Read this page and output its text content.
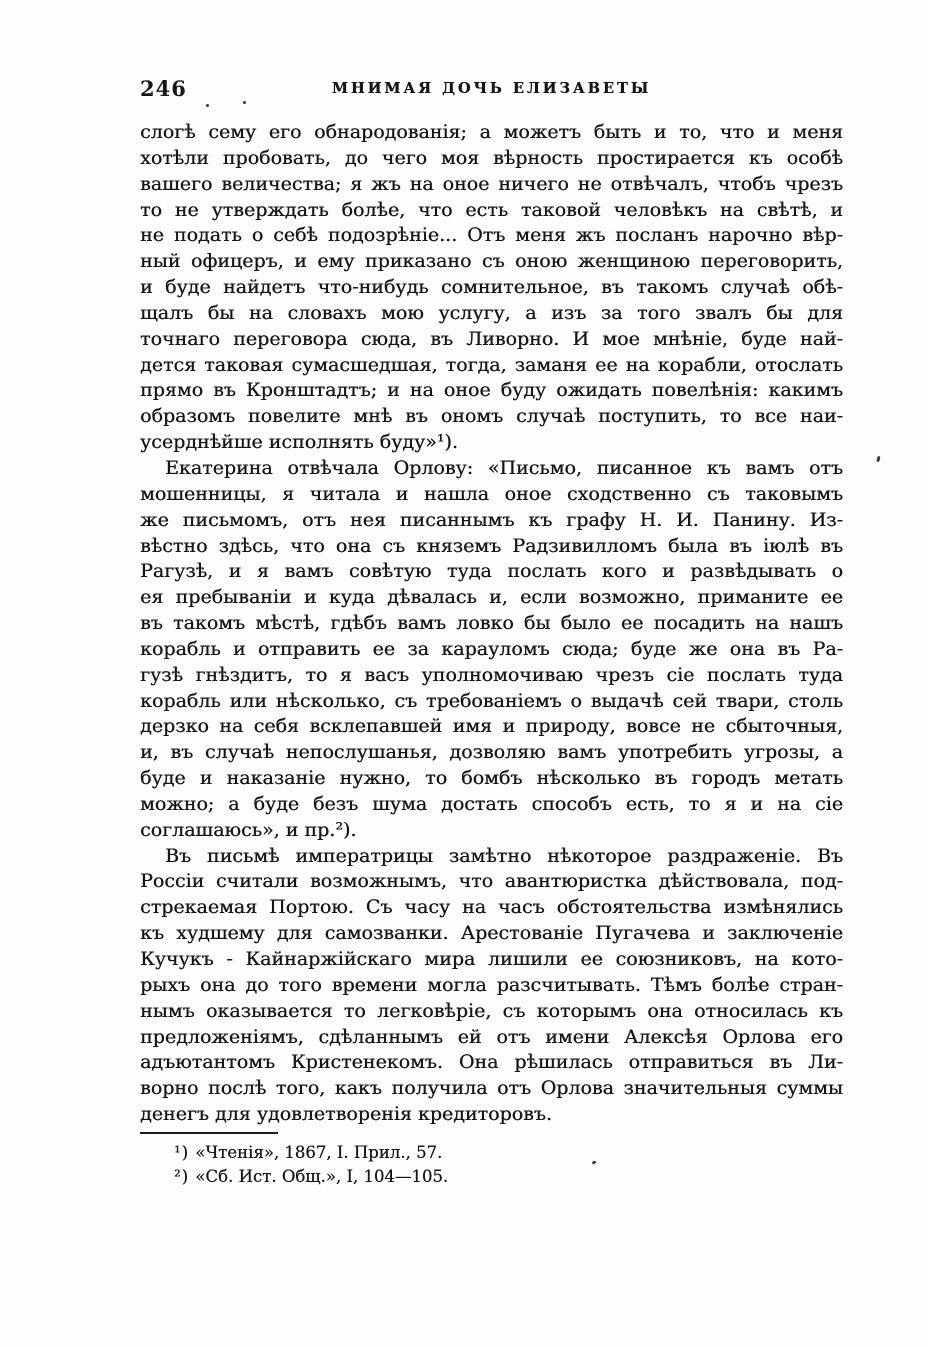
246	МНИМАЯ ДОЧЬ ЕЛИЗАВЕТЫ
слогѣ сему его обнародованія; а можетъ быть и то, что и меня
хотѣли пробовать, до чего моя вѣрность простирается къ особѣ
вашего величества; я жъ на оное ничего не отвѣчалъ, чтобъ чрезъ
то не утверждать болѣе, что есть таковой человѣкъ на свѣтѣ, и
не подать о себѣ подозрѣніе... Отъ меня жъ посланъ нарочно вѣр-
ный офицеръ, и ему приказано съ оною женщиною переговорить,
и буде найдетъ что-нибудь сомнительное, въ такомъ случаѣ обѣ-
щалъ бы на словахъ мою услугу, а изъ за того звалъ бы для
точнаго переговора сюда, въ Ливорно. И мое мнѣніе, буде най-
дется таковая сумасшедшая, тогда, заманя ее на корабли, отослать
прямо въ Кронштадтъ; и на оное буду ожидать повелѣнія: какимъ
образомъ повелите мнѣ въ ономъ случаѣ поступить, то все наи-
усерднѣйше исполнять буду»¹).
Екатерина отвѣчала Орлову: «Письмо, писанное къ вамъ отъ
мошенницы, я читала и нашла оное сходственно съ таковымъ
же письмомъ, отъ нея писаннымъ къ графу Н. И. Панину. Из-
вѣстно здѣсь, что она съ княземъ Радзивилломъ была въ іюлѣ въ
Рагузѣ, и я вамъ совѣтую туда послать кого и развѣдывать о
ея пребываніи и куда дѣвалась и, если возможно, приманите ее
въ такомъ мѣстѣ, гдѣбъ вамъ ловко бы было ее посадить на нашъ
корабль и отправить ее за карауломъ сюда; буде же она въ Ра-
гузѣ гнѣздитъ, то я васъ уполномочиваю чрезъ сіе послать туда
корабль или нѣсколько, съ требованіемъ о выдачѣ сей твари, столь
дерзко на себя всклепавшей имя и природу, вовсе не сбыточныя,
и, въ случаѣ непослушанья, дозволяю вамъ употребить угрозы, а
буде и наказаніе нужно, то бомбъ нѣсколько въ городъ метать
можно; а буде безъ шума достать способъ есть, то я и на сіе
соглашаюсь», и пр.²).
Въ письмѣ императрицы замѣтно нѣкоторое раздраженіе. Въ
Россіи считали возможнымъ, что авантюристка дѣйствовала, под-
стрекаемая Портою. Съ часу на часъ обстоятельства измѣнялись
къ худшему для самозванки. Арестованіе Пугачева и заключеніе
Кучукъ - Кайнаржійскаго мира лишили ее союзниковъ, на кото-
рыхъ она до того времени могла разсчитывать. Тѣмъ болѣе стран-
нымъ оказывается то легковѣріе, съ которымъ она относилась къ
предложеніямъ, сдѣланнымъ ей отъ имени Алексѣя Орлова его
адъютантомъ Кристенекомъ. Она рѣшилась отправиться въ Ли-
ворно послѣ того, какъ получила отъ Орлова значительныя суммы
денегъ для удовлетворенія кредиторовъ.
¹) «Чтенія», 1867, I. Прил., 57.
²) «Сб. Ист. Общ.», I, 104—105.
